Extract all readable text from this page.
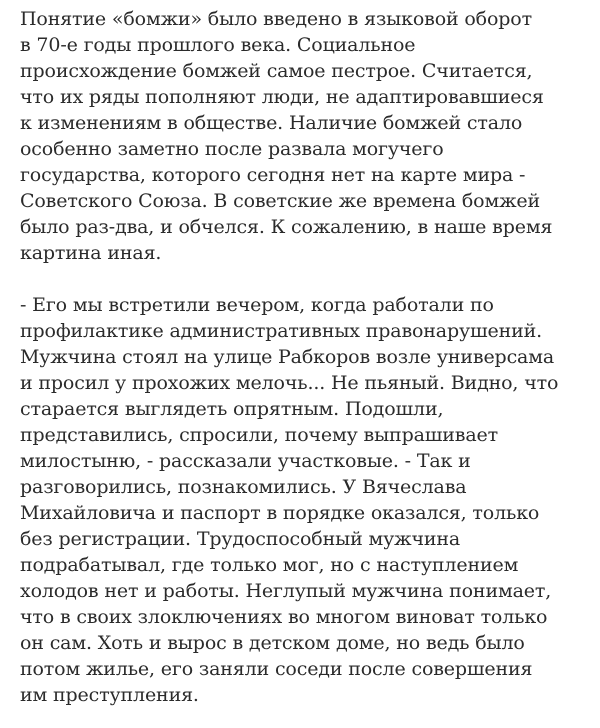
Понятие «бомжи» было введено в языковой оборот
в 70-е годы прошлого века. Социальное
происхождение бомжей самое пестрое. Считается,
что их ряды пополняют люди, не адаптировавшиеся
к изменениям в обществе. Наличие бомжей стало
особенно заметно после развала могучего
государства, которого сегодня нет на карте мира -
Советского Союза. В советские же времена бомжей
было раз-два, и обчелся. К сожалению, в наше время
картина иная.
- Его мы встретили вечером, когда работали по
профилактике административных правонарушений.
Мужчина стоял на улице Рабкоров возле универсама
и просил у прохожих мелочь... Не пьяный. Видно, что
старается выглядеть опрятным. Подошли,
представились, спросили, почему выпрашивает
милостыню, - рассказали участковые. - Так и
разговорились, познакомились. У Вячеслава
Михайловича и паспорт в порядке оказался, только
без регистрации. Трудоспособный мужчина
подрабатывал, где только мог, но с наступлением
холодов нет и работы. Неглупый мужчина понимает,
что в своих злоключениях во многом виноват только
он сам. Хоть и вырос в детском доме, но ведь было
потом жилье, его заняли соседи после совершения
им преступления.
